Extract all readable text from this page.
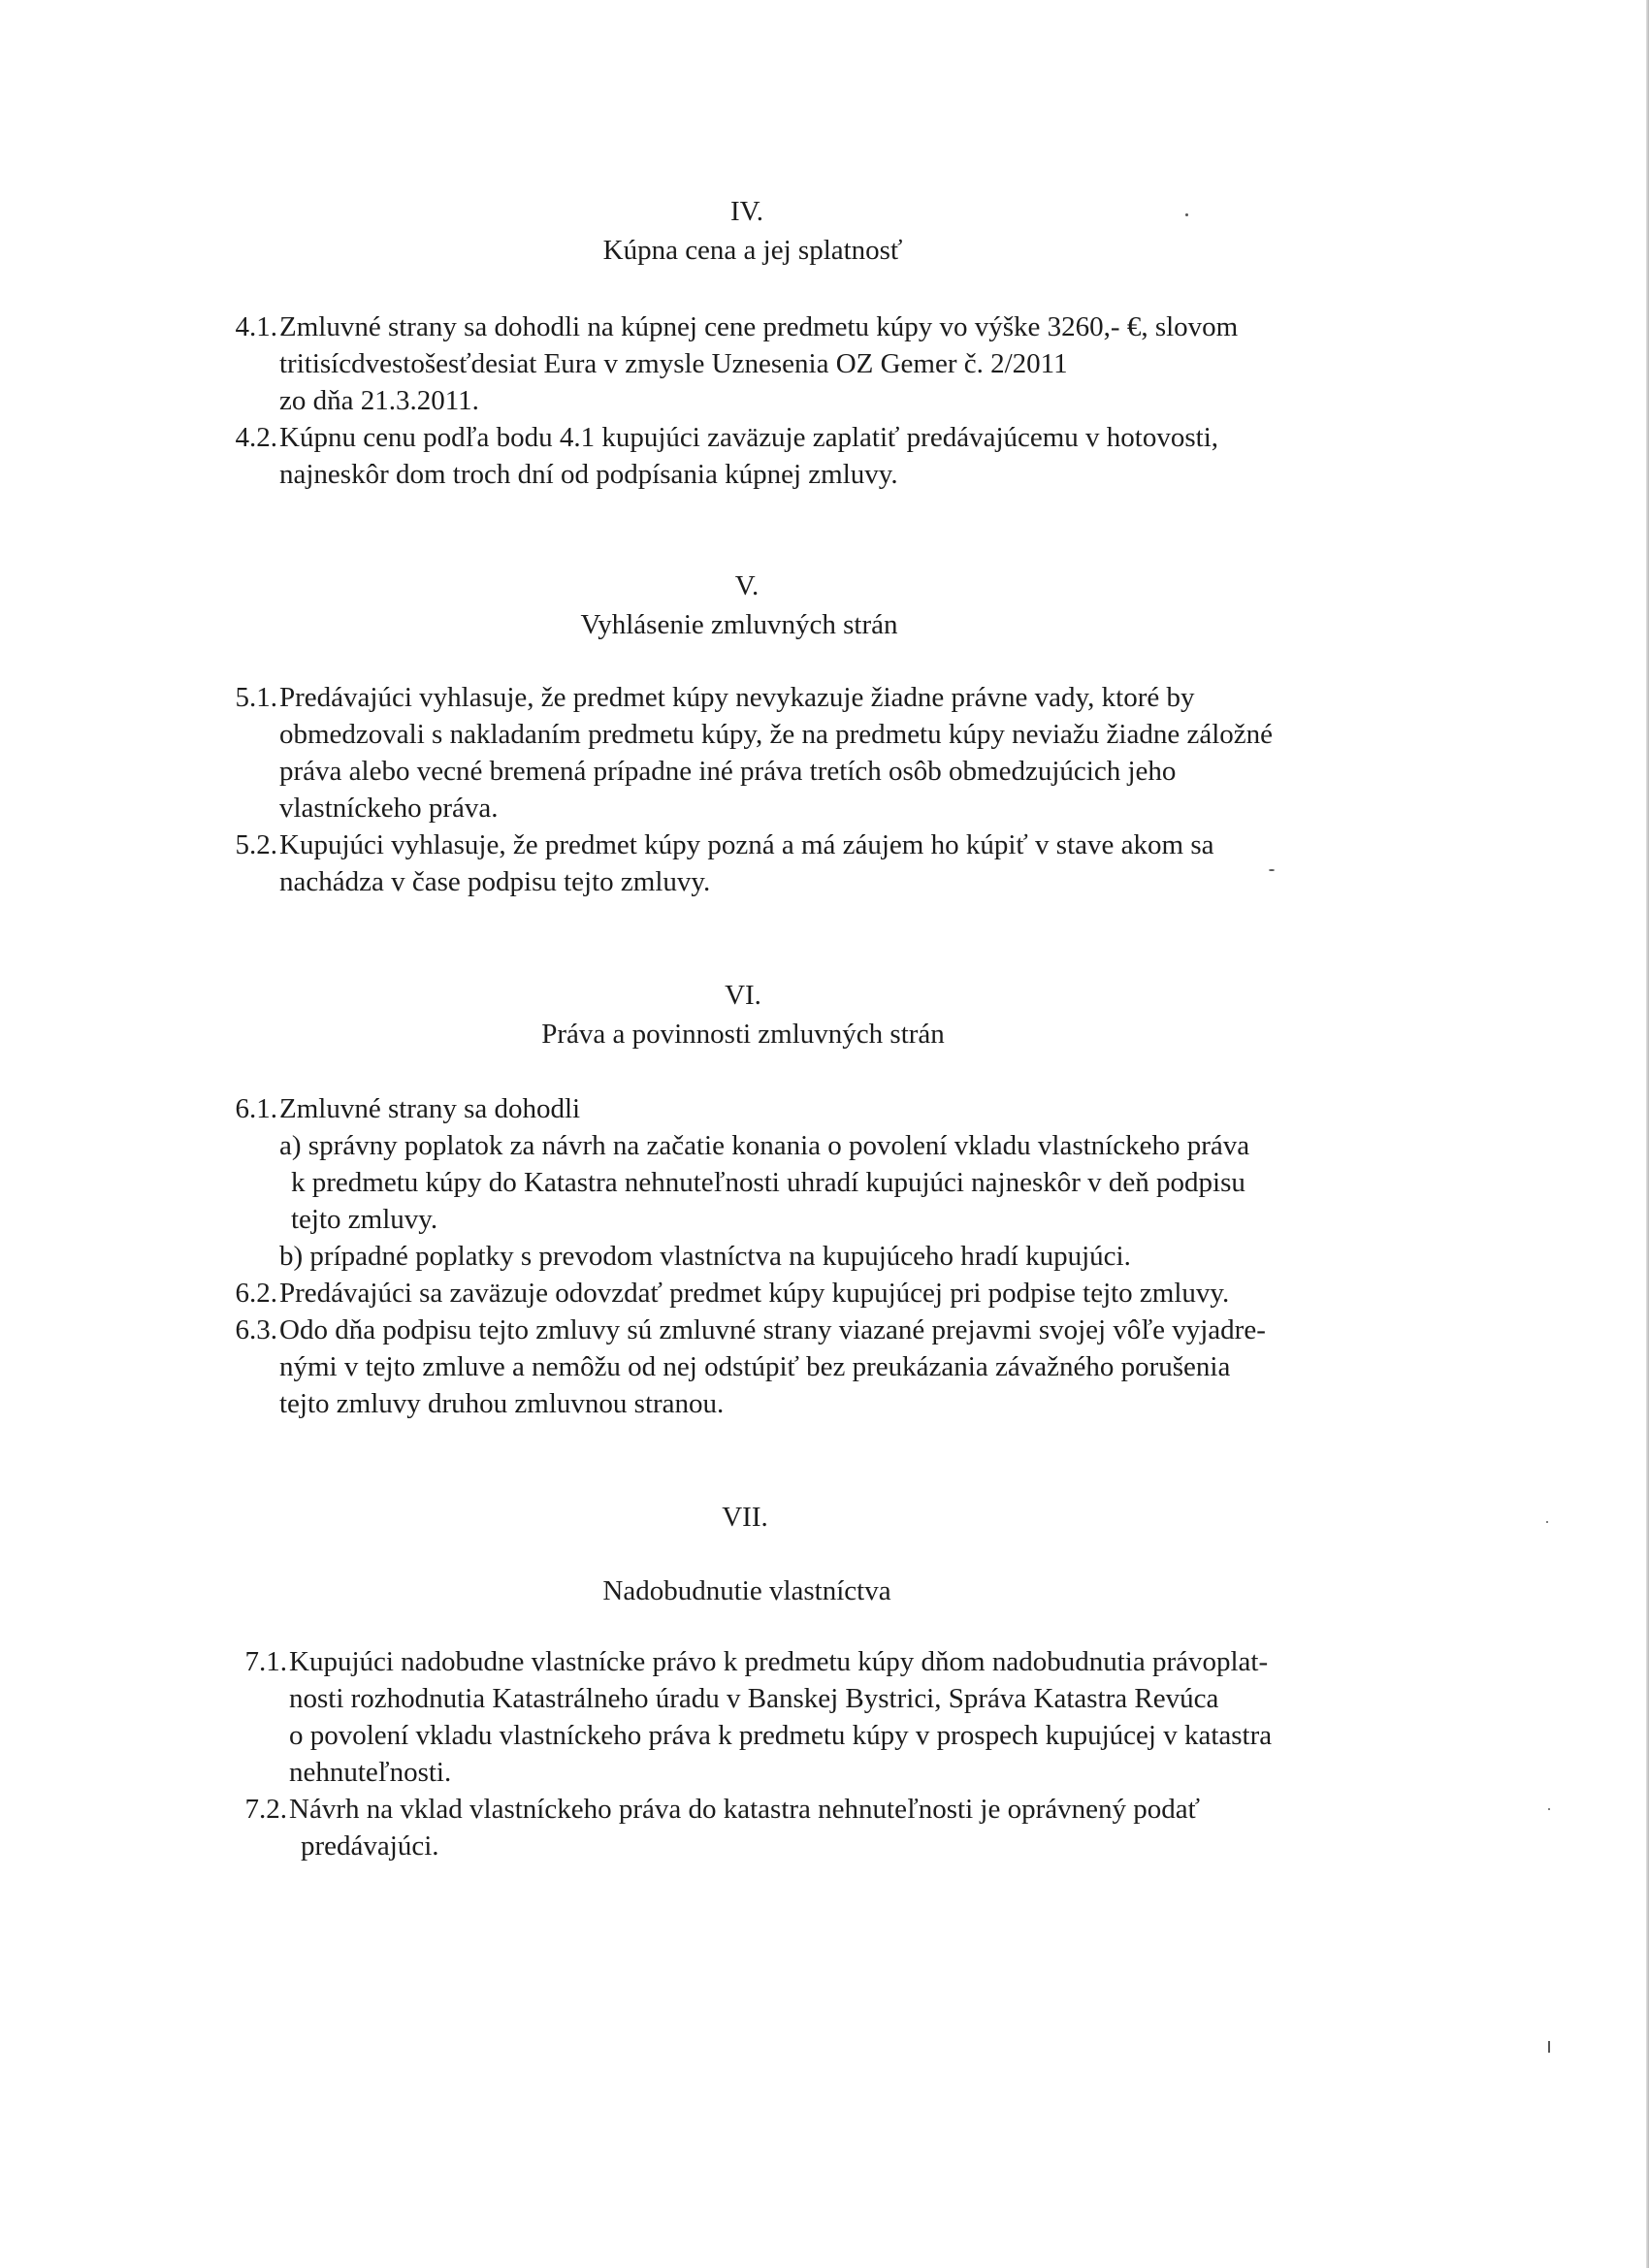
IV.
Kúpna cena a jej splatnosť
4.1. Zmluvné strany sa dohodli na kúpnej cene predmetu kúpy vo výške 3260,- €, slovom
tritisícdvestošesťdesiat Eura v zmysle Uznesenia OZ Gemer č. 2/2011
zo dňa 21.3.2011.
4.2. Kúpnu cenu podľa bodu 4.1 kupujúci zaväzuje zaplatiť predávajúcemu v hotovosti,
najneskôr dom troch dní od podpísania kúpnej zmluvy.
V.
Vyhlásenie zmluvných strán
5.1. Predávajúci vyhlasuje, že predmet kúpy nevykazuje žiadne právne vady, ktoré by
obmedzovali s nakladaním predmetu kúpy, že na predmetu kúpy neviažu žiadne záložné
práva alebo vecné bremená prípadne iné práva tretích osôb obmedzujúcich jeho
vlastníckeho práva.
5.2. Kupujúci vyhlasuje, že predmet kúpy pozná a má záujem ho kúpiť v stave akom sa
nachádza v čase podpisu tejto zmluvy.
VI.
Práva a povinnosti zmluvných strán
6.1. Zmluvné strany sa dohodli
a) správny poplatok za návrh na začatie konania o povolení vkladu vlastníckeho práva
k predmetu kúpy do Katastra nehnuteľnosti uhradí kupujúci najneskôr v deň podpisu
tejto zmluvy.
b) prípadné poplatky s prevodom vlastníctva na kupujúceho hradí kupujúci.
6.2. Predávajúci sa zaväzuje odovzdať predmet kúpy kupujúcej pri podpise tejto zmluvy.
6.3. Odo dňa podpisu tejto zmluvy sú zmluvné strany viazané prejavmi svojej vôľe vyjadre-
nými v tejto zmluve a nemôžu od nej odstúpiť bez preukázania závažného porušenia
tejto zmluvy druhou zmluvnou stranou.
VII.
Nadobudnutie vlastníctva
7.1. Kupujúci nadobudne vlastnícke právo k predmetu kúpy dňom nadobudnutia právoplat-
nosti rozhodnutia Katastrálneho úradu v Banskej Bystrici, Správa Katastra Revúca
o povolení vkladu vlastníckeho práva k predmetu kúpy v prospech kupujúcej v katastra
nehnuteľnosti.
7.2. Návrh na vklad vlastníckeho práva do katastra nehnuteľnosti je oprávnený podať
predávajúci.
